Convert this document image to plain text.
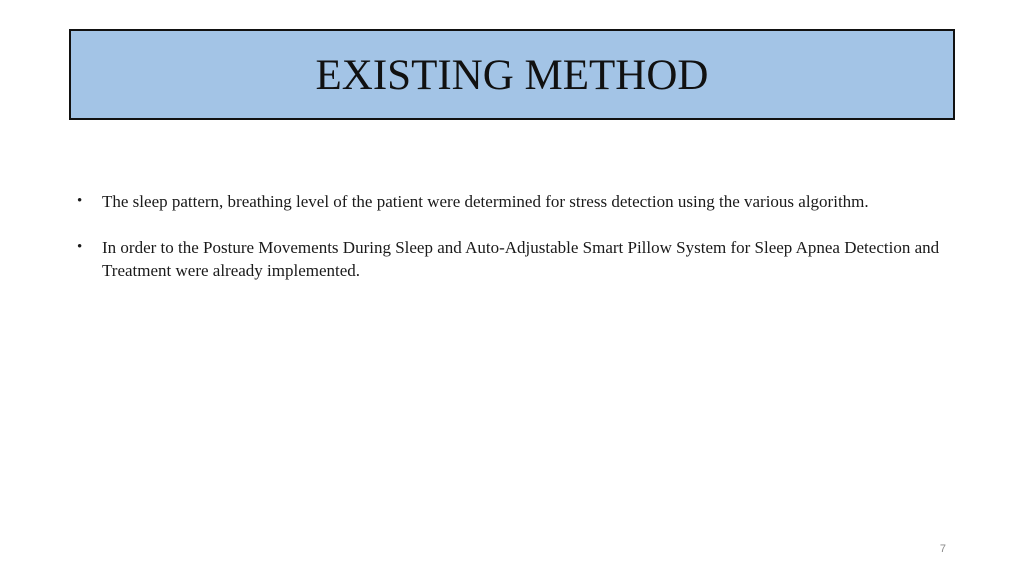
EXISTING METHOD
• The sleep pattern, breathing level of the patient were determined for stress detection using the various algorithm.
• In order to the Posture Movements During Sleep and Auto-Adjustable Smart Pillow System for Sleep Apnea Detection and Treatment were already implemented.
7
